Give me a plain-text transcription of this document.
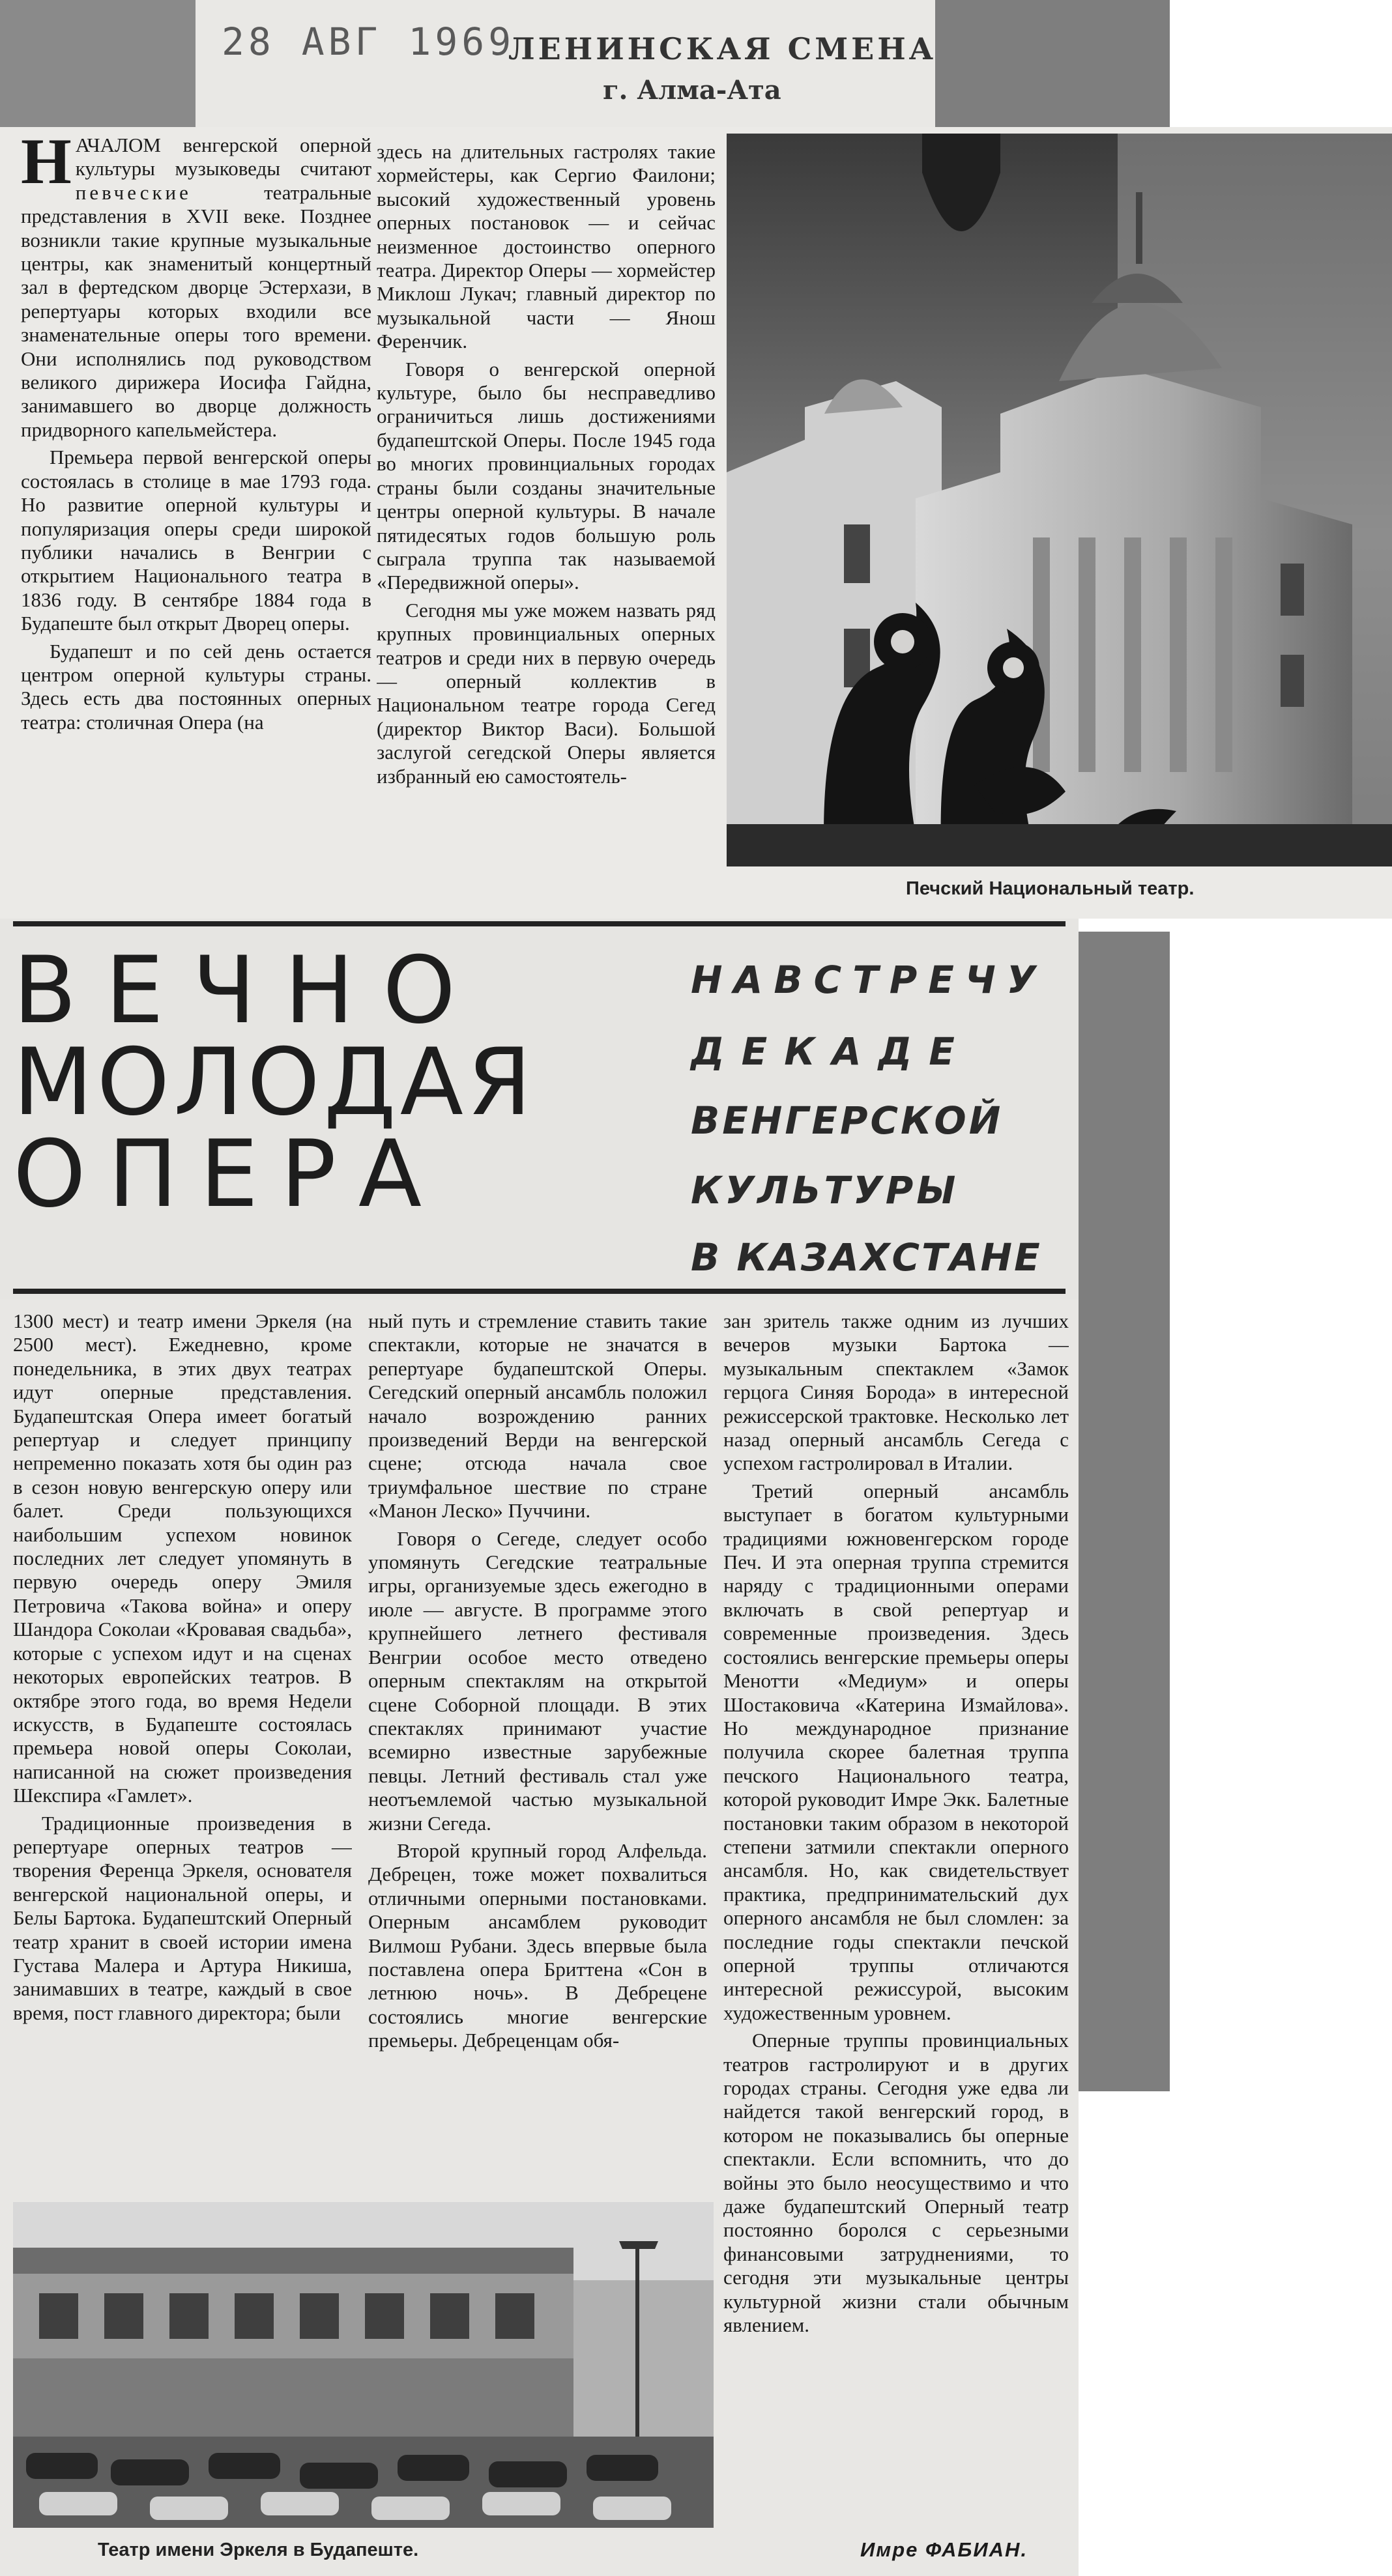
28 АВГ 1969
ЛЕНИНСКАЯ СМЕНА
г. Алма-Ата

НАЧАЛОМ венгерской оперной культуры музыковеды считают певческие	театральные представления в XVII веке. Позднее возникли такие крупные музыкальные центры, как знаменитый концертный зал в фертедском дворце Эстерхази, в репертуары которых входили все знаменательные оперы того времени. Они исполнялись под руководством великого дирижера Иосифа Гайдна, занимавшего во дворце должность придворного капельмейстера.

Премьера первой венгерской оперы состоялась в столице в мае 1793 года. Но развитие оперной культуры и популяризация оперы среди широкой публики начались в Венгрии с открытием Национального театра в 1836 году. В сентябре 1884 года в Будапеште был открыт Дворец оперы.

Будапешт и по сей день остается центром оперной культуры страны. Здесь есть два постоянных оперных театра: столичная Опера (на

здесь на длительных гастролях такие хормейстеры, как Сергио Фаилони; высокий художественный уровень оперных постановок — и сейчас неизменное достоинство оперного театра. Директор Оперы — хормейстер Миклош Лукач; главный директор по музыкальной части — Янош Ференчик.

Говоря о венгерской оперной культуре, было бы несправедливо ограничиться лишь достижениями будапештской Оперы. После 1945 года во многих провинциальных городах страны были созданы значительные центры оперной культуры. В начале пятидесятых годов большую роль сыграла труппа так называемой «Передвижной оперы».

Сегодня мы уже можем назвать ряд крупных провинциальных оперных театров и среди них в первую очередь — оперный коллектив в Национальном театре города Сегед (директор Виктор Васи). Большой заслугой сегедской Оперы является избранный ею самостоятель-

Печский Национальный театр.
ВЕЧНО
МОЛОДАЯ
ОПЕРА
НАВСТРЕЧУ
ДЕКАДЕ
ВЕНГЕРСКОЙ
КУЛЬТУРЫ
В КАЗАХСТАНЕ

1300 мест) и театр имени Эркеля (на 2500 мест). Ежедневно, кроме понедельника, в этих двух театрах идут оперные представления. Будапештская Опера имеет богатый репертуар и следует принципу непременно показать хотя бы один раз в сезон новую венгерскую оперу или балет. Среди пользующихся наибольшим успехом новинок последних лет следует упомянуть в первую очередь оперу Эмиля Петровича «Такова война» и оперу Шандора Соколаи «Кровавая свадьба», которые с успехом идут и на сценах некоторых европейских театров. В октябре этого года, во время Недели искусств, в Будапеште состоялась премьера новой оперы Соколаи, написанной на сюжет произведения Шекспира «Гамлет».

Традиционные произведения в репертуаре оперных театров — творения Ференца Эркеля, основателя венгерской национальной оперы, и Белы Бартока. Будапештский Оперный театр хранит в своей истории имена Густава Малера и Артура Никиша, занимавших в театре, каждый в свое время, пост главного директора; были

ный путь и стремление ставить такие спектакли, которые не значатся в репертуаре будапештской Оперы. Сегедский оперный ансамбль положил начало возрождению ранних произведений Верди на венгерской сцене; отсюда начала свое триумфальное шествие по стране «Манон Леско» Пуччини.

Говоря о Сегеде, следует особо упомянуть Сегедские театральные игры, организуемые здесь ежегодно в июле — августе. В программе этого крупнейшего летнего фестиваля Венгрии особое место отведено оперным спектаклям на открытой сцене Соборной площади. В этих спектаклях принимают участие всемирно известные зарубежные певцы. Летний фестиваль стал уже неотъемлемой частью музыкальной жизни Сегеда.

Второй крупный город Алфельда. Дебрецен, тоже может похвалиться отличными оперными постановками. Оперным ансамблем руководит Вилмош Рубани. Здесь впервые была поставлена опера Бриттена «Сон в летнюю ночь». В Дебрецене состоялись многие венгерские премьеры. Дебреценцам обя-

зан зритель также одним из лучших вечеров музыки Бартока — музыкальным спектаклем «Замок герцога Синяя Борода» в интересной режиссерской трактовке. Несколько лет назад оперный ансамбль Сегеда с успехом гастролировал в Италии.

Третий оперный ансамбль выступает в богатом культурными традициями южновенгерском городе Печ. И эта оперная труппа стремится наряду с традиционными операми включать в свой репертуар и современные произведения. Здесь состоялись венгерские премьеры оперы Менотти «Медиум» и оперы Шостаковича «Катерина Измайлова». Но международное признание получила скорее балетная труппа печского Национального театра, которой руководит Имре Экк. Балетные постановки таким образом в некоторой степени затмили спектакли оперного ансамбля. Но, как свидетельствует практика, предпринимательский дух оперного ансамбля не был сломлен: за последние годы спектакли печской оперной труппы отличаются интересной режиссурой, высоким художественным уровнем.

Оперные труппы провинциальных театров гастролируют и в других городах страны. Сегодня уже едва ли найдется такой венгерский город, в котором не показывались бы оперные спектакли. Если вспомнить, что до войны это было неосуществимо и что даже будапештский Оперный театр постоянно боролся с серьезными финансовыми затруднениями, то сегодня эти музыкальные центры культурной жизни стали обычным явлением.

Театр имени Эркеля в Будапеште.	Имре ФАБИАН.
